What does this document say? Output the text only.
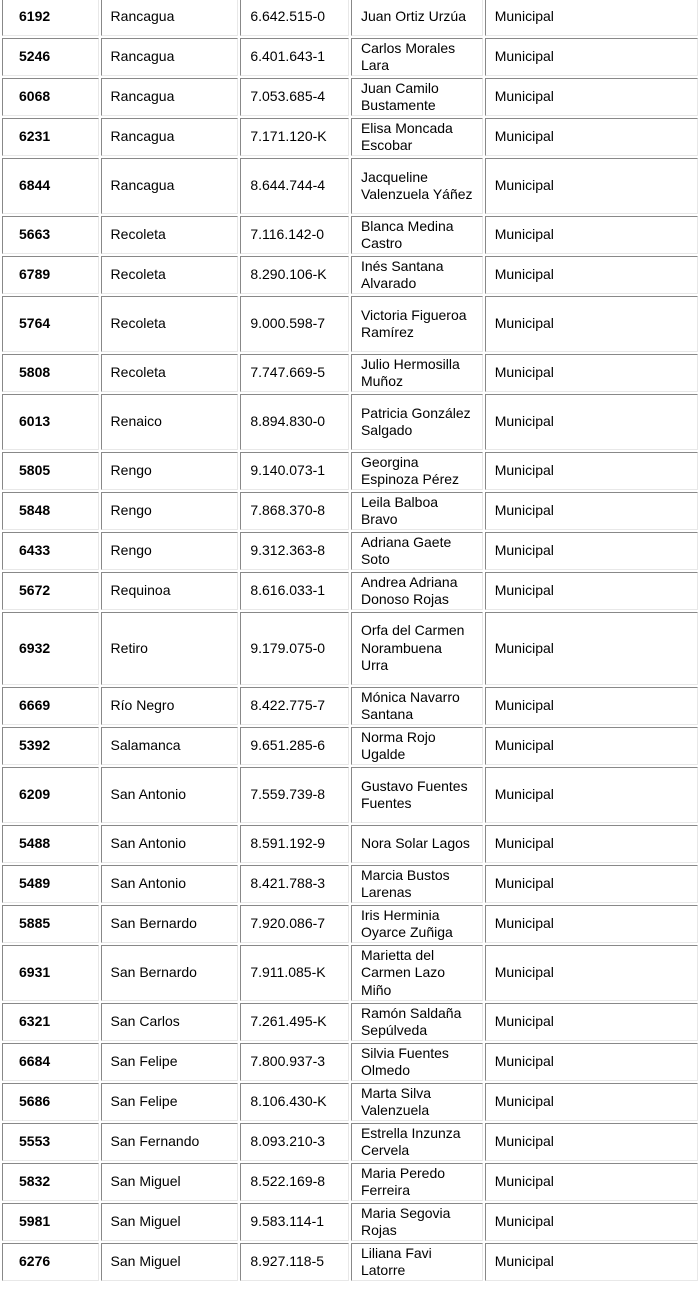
6192	Rancagua	6.642.515-0	Juan Ortiz Urzúa	Municipal
5246	Rancagua	6.401.643-1	Carlos Morales Lara	Municipal
6068	Rancagua	7.053.685-4	Juan Camilo Bustamente	Municipal
6231	Rancagua	7.171.120-K	Elisa Moncada Escobar	Municipal
6844	Rancagua	8.644.744-4	Jacqueline Valenzuela Yáñez	Municipal
5663	Recoleta	7.116.142-0	Blanca Medina Castro	Municipal
6789	Recoleta	8.290.106-K	Inés Santana Alvarado	Municipal
5764	Recoleta	9.000.598-7	Victoria Figueroa Ramírez	Municipal
5808	Recoleta	7.747.669-5	Julio Hermosilla Muñoz	Municipal
6013	Renaico	8.894.830-0	Patricia González Salgado	Municipal
5805	Rengo	9.140.073-1	Georgina Espinoza Pérez	Municipal
5848	Rengo	7.868.370-8	Leila Balboa Bravo	Municipal
6433	Rengo	9.312.363-8	Adriana Gaete Soto	Municipal
5672	Requinoa	8.616.033-1	Andrea Adriana Donoso Rojas	Municipal
6932	Retiro	9.179.075-0	Orfa del Carmen Norambuena Urra	Municipal
6669	Río Negro	8.422.775-7	Mónica Navarro Santana	Municipal
5392	Salamanca	9.651.285-6	Norma Rojo Ugalde	Municipal
6209	San Antonio	7.559.739-8	Gustavo Fuentes Fuentes	Municipal
5488	San Antonio	8.591.192-9	Nora Solar Lagos	Municipal
5489	San Antonio	8.421.788-3	Marcia Bustos Larenas	Municipal
5885	San Bernardo	7.920.086-7	Iris Herminia Oyarce Zuñiga	Municipal
6931	San Bernardo	7.911.085-K	Marietta del Carmen Lazo Miño	Municipal
6321	San Carlos	7.261.495-K	Ramón Saldaña Sepúlveda	Municipal
6684	San Felipe	7.800.937-3	Silvia Fuentes Olmedo	Municipal
5686	San Felipe	8.106.430-K	Marta Silva Valenzuela	Municipal
5553	San Fernando	8.093.210-3	Estrella Inzunza Cervela	Municipal
5832	San Miguel	8.522.169-8	Maria Peredo Ferreira	Municipal
5981	San Miguel	9.583.114-1	Maria Segovia Rojas	Municipal
6276	San Miguel	8.927.118-5	Liliana Favi Latorre	Municipal
